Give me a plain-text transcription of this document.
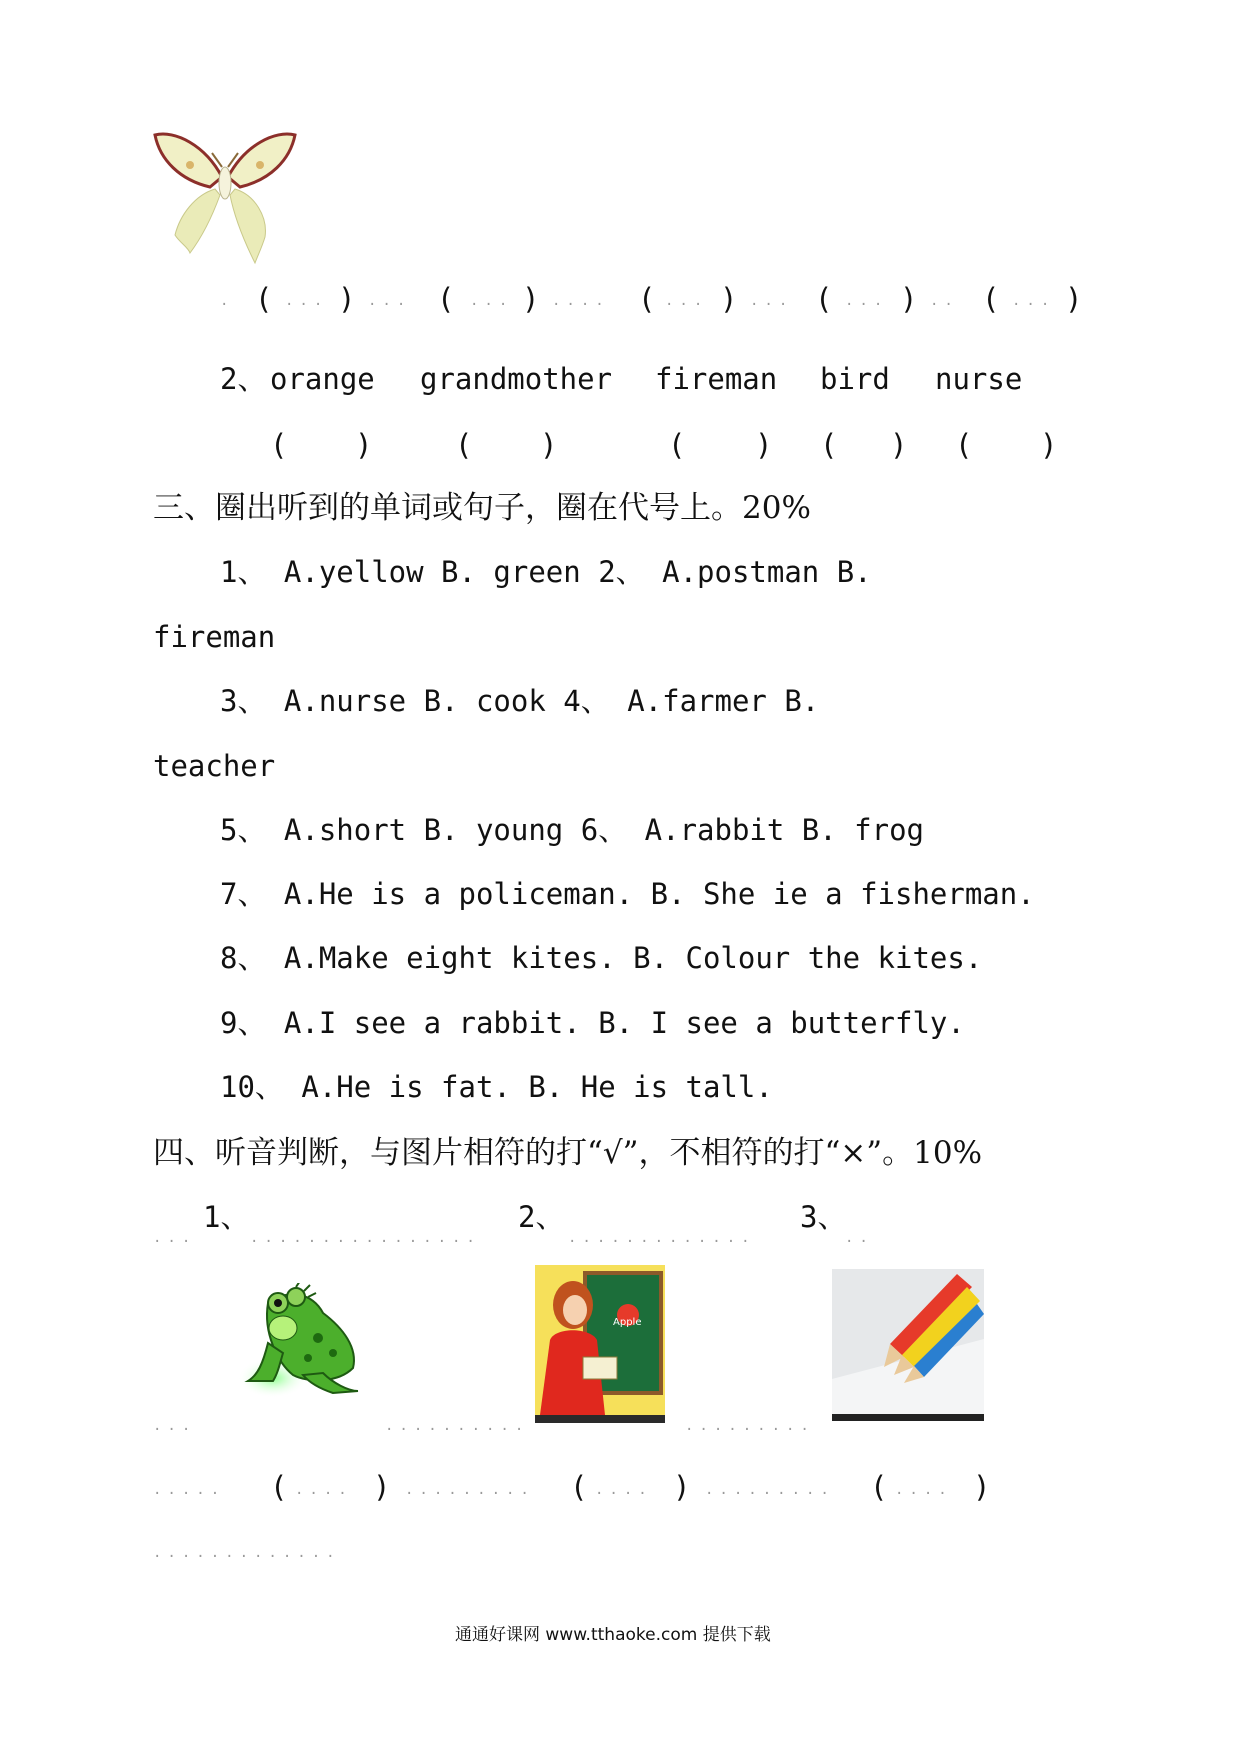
. ( ... ) ... ( ... ) .... ( ... ) ... ( ... ) .. ( ... )
2、 orange grandmother fireman bird nurse
( )	( )	( ) ( ) ( )
三、圈出听到的单词或句子，圈在代号上。20%
1、 A.yellow B. green 2、 A.postman B.
fireman
3、 A.nurse B. cook 4、 A.farmer B.
teacher
5、 A.short B. young 6、 A.rabbit B. frog
7、 A.He is a policeman. B. She ie a fisherman.
8、 A.Make eight kites. B. Colour the kites.
9、 A.I see a rabbit. B. I see a butterfly.
10、 A.He is fat. B. He is tall.
四、听音判断，与图片相符的打“√”，不相符的打“×”。10%
...
1、
................
2、
.............
3、
..
Apple
...	..........	.........
..... ( .... ) ......... ( .... ) ......... ( .... )
.............
通通好课网 www.tthaoke.com 提供下载
